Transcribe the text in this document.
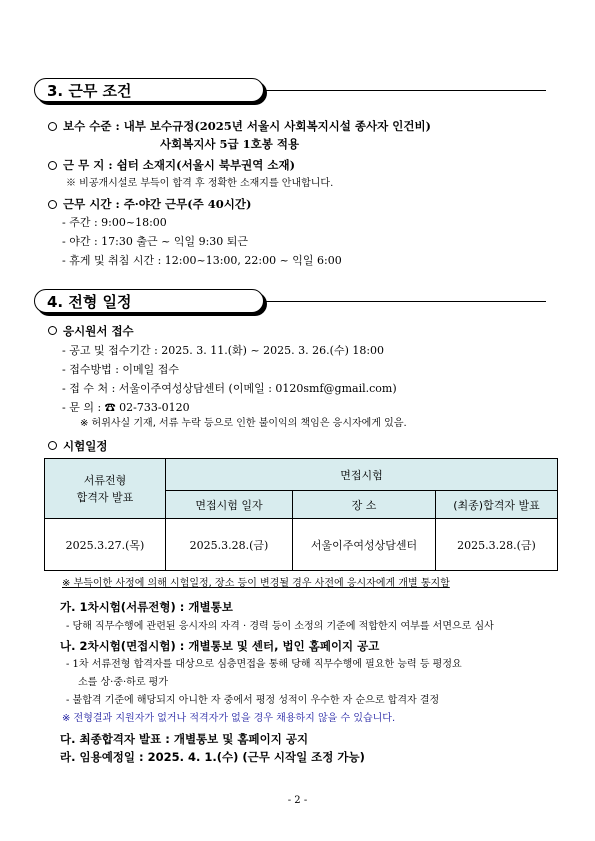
3. 근무 조건
보수 수준 : 내부 보수규정(2025년 서울시 사회복지시설 종사자 인건비)
사회복지사 5급 1호봉 적용
근 무 지 : 쉼터 소재지(서울시 북부권역 소재)
※ 비공개시설로 부득이 합격 후 정확한 소재지를 안내합니다.
근무 시간 : 주·야간 근무(주 40시간)
- 주간 : 9:00~18:00
- 야간 : 17:30 출근 ~ 익일 9:30 퇴근
- 휴게 및 취침 시간 : 12:00~13:00, 22:00 ~ 익일 6:00
4. 전형 일정
응시원서 접수
- 공고 및 접수기간 : 2025. 3. 11.(화) ~ 2025. 3. 26.(수) 18:00
- 접수방법 : 이메일 접수
- 접 수 처 : 서울이주여성상담센터 (이메일 : 0120smf@gmail.com)
- 문 의 : ☎ 02-733-0120
※ 허위사실 기재, 서류 누락 등으로 인한 불이익의 책임은 응시자에게 있음.
시험일정
서류전형
합격자 발표	면접시험		
	면접시험 일자	장 소	(최종)합격자 발표
2025.3.27.(목)	2025.3.28.(금)	서울이주여성상담센터	2025.3.28.(금)
※ 부득이한 사정에 의해 시험일정, 장소 등이 변경될 경우 사전에 응시자에게 개별 통지함
가. 1차시험(서류전형) : 개별통보
- 당해 직무수행에 관련된 응시자의 자격 · 경력 등이 소정의 기준에 적합한지 여부를 서면으로 심사
나. 2차시험(면접시험) : 개별통보 및 센터, 법인 홈페이지 공고
- 1차 서류전형 합격자를 대상으로 심층면접을 통해 당해 직무수행에 필요한 능력 등 평정요
소를 상·중·하로 평가
- 불합격 기준에 해당되지 아니한 자 중에서 평정 성적이 우수한 자 순으로 합격자 결정
※ 전형결과 지원자가 없거나 적격자가 없을 경우 채용하지 않을 수 있습니다.
다. 최종합격자 발표 : 개별통보 및 홈페이지 공지
라. 임용예정일 : 2025. 4. 1.(수) (근무 시작일 조정 가능)
- 2 -
